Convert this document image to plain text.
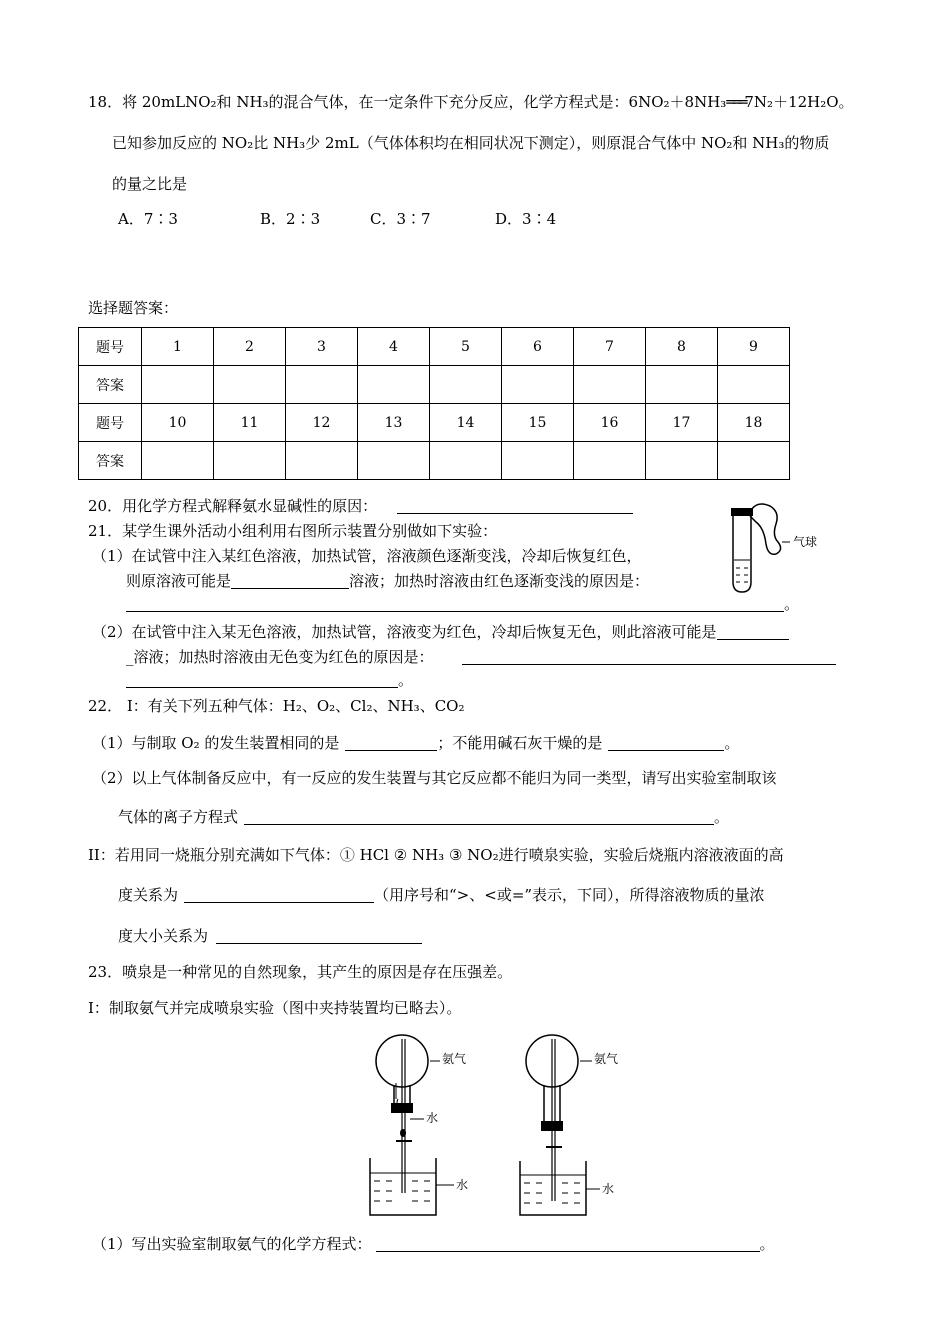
18．将 20mLNO₂和 NH₃的混合气体，在一定条件下充分反应，化学方程式是：6NO₂＋8NH₃═══7N₂＋12H₂O。
已知参加反应的 NO₂比 NH₃少 2mL（气体体积均在相同状况下测定），则原混合气体中 NO₂和 NH₃的物质
的量之比是
A．7∶3	B．2∶3	C．3∶7	D．3∶4
选择题答案：
题号	1	2	3	4	5	6	7	8	9
答案									
题号	10	11	12	13	14	15	16	17	18
答案									
20．用化学方程式解释氨水显碱性的原因：
21．某学生课外活动小组利用右图所示装置分别做如下实验：
（1）在试管中注入某红色溶液，加热试管，溶液颜色逐渐变浅，冷却后恢复红色，
则原溶液可能是	溶液；加热时溶液由红色逐渐变浅的原因是：
。
（2）在试管中注入某无色溶液，加热试管，溶液变为红色，冷却后恢复无色，则此溶液可能是
_溶液；加热时溶液由无色变为红色的原因是：
。
气球
22． I：有关下列五种气体：H₂、O₂、Cl₂、NH₃、CO₂
（1）与制取 O₂ 的发生装置相同的是	；不能用碱石灰干燥的是	。
（2）以上气体制备反应中，有一反应的发生装置与其它反应都不能归为同一类型，请写出实验室制取该
气体的离子方程式	。
II：若用同一烧瓶分别充满如下气体：① HCl ② NH₃ ③ NO₂进行喷泉实验，实验后烧瓶内溶液液面的高
度关系为	（用序号和“>、<或=”表示，下同），所得溶液物质的量浓
度大小关系为
23．喷泉是一种常见的自然现象，其产生的原因是存在压强差。
Ⅰ：制取氨气并完成喷泉实验（图中夹持装置均已略去）。
氨气
水
水
氨气
水
（1）写出实验室制取氨气的化学方程式：	。
